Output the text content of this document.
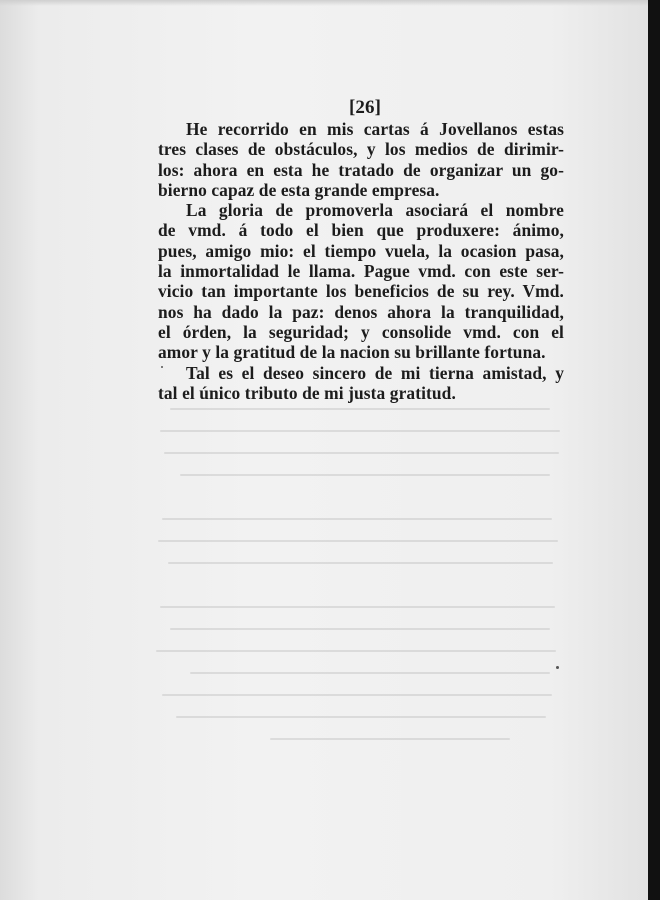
[26]
He recorrido en mis cartas á Jovellanos estas
tres clases de obstáculos, y los medios de dirimir-
los: ahora en esta he tratado de organizar un go-
bierno capaz de esta grande empresa.
La gloria de promoverla asociará el nombre
de vmd. á todo el bien que produxere: ánimo,
pues, amigo mio: el tiempo vuela, la ocasion pasa,
la inmortalidad le llama. Pague vmd. con este ser-
vicio tan importante los beneficios de su rey. Vmd.
nos ha dado la paz: denos ahora la tranquilidad,
el órden, la seguridad; y consolide vmd. con el
amor y la gratitud de la nacion su brillante fortuna.
Tal es el deseo sincero de mi tierna amistad, y
tal el único tributo de mi justa gratitud.
